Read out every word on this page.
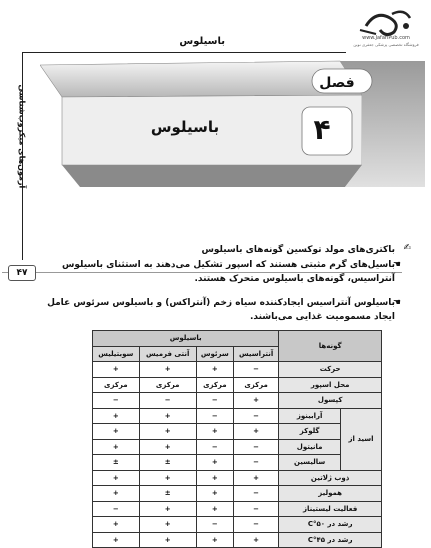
باسیلوس
آزمون‌های میکروب‌شناسی
۴۷
www.JafariPub.com
فروشگاه تخصصی پزشکی جعفری نوین
فصل
۴
باسیلوس
✍
باکتری‌های مولد توکسین گونه‌های باسیلوس
☚
باسیل‌های گرم مثبتی هستند که اسپور تشکیل می‌دهند به استثنای باسیلوس آنتراسیس، گونه‌های باسیلوس متحرک هستند.
☚
باسیلوس آنتراسیس ایجادکننده سیاه زخم (آنتراکس) و باسیلوس سرئوس عامل ایجاد مسمومیت غذایی می‌باشند.
گونه‌ها		باسیلوس			
		آنتراسیس	سرئوس	آنتی فرمیس	سوبتیلیس
حرکت		−	+	+	+
محل اسپور		مرکزی	مرکزی	مرکزی	مرکزی
کپسول		+	−	−	−
اسید از	آرابینوز	−	−	+	+
	گلوکز	+	+	+	+
	مانیتول	−	−	+	+
	سالیسین	−	+	±	±
ذوب ژلاتین		+	+	+	+
همولیز		−	+	±	+
فعالیت لیستیناز		−	+	+	−
رشد در ۵۰°C		−	−	+	+
رشد در ۴۵°C		+	+	+	+
